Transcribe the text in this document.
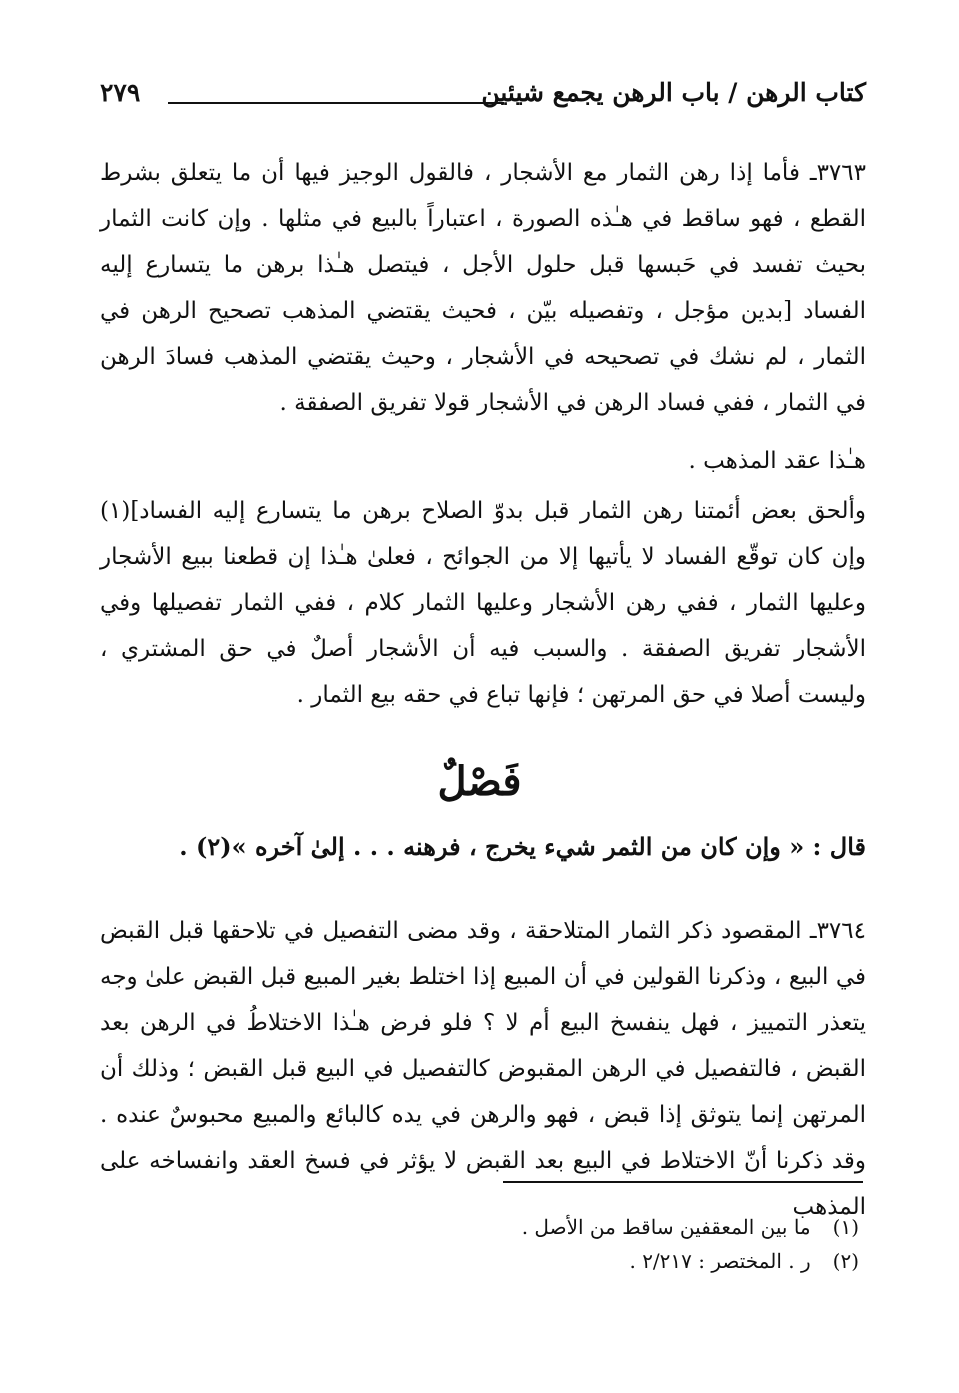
كتاب الرهن / باب الرهن يجمع شيئين
٢٧٩

٣٧٦٣ـ فأما إذا رهن الثمار مع الأشجار ، فالقول الوجيز فيها أن ما يتعلق بشرط القطع ، فهو ساقط في هـٰذه الصورة ، اعتباراً بالبيع في مثلها . وإن كانت الثمار بحيث تفسد في حَبسها قبل حلول الأجل ، فيتصل هـٰذا برهن ما يتسارع إليه الفساد [بدين مؤجل ، وتفصيله بيّن ، فحيث يقتضي المذهب تصحيح الرهن في الثمار ، لم نشك في تصحيحه في الأشجار ، وحيث يقتضي المذهب فسادَ الرهن في الثمار ، ففي فساد الرهن في الأشجار قولا تفريق الصفقة .

هـٰذا عقد المذهب .

وألحق بعض أئمتنا رهن الثمار قبل بدوّ الصلاح برهن ما يتسارع إليه الفساد](١) وإن كان توقّع الفساد لا يأتيها إلا من الجوائح ، فعلىٰ هـٰذا إن قطعنا ببيع الأشجار وعليها الثمار ، ففي رهن الأشجار وعليها الثمار كلام ، ففي الثمار تفصيلها وفي الأشجار تفريق الصفقة . والسبب فيه أن الأشجار أصلٌ في حق المشتري ، وليست أصلا في حق المرتهن ؛ فإنها تباع في حقه بيع الثمار .

فَصْلٌ
قال : « وإن كان من الثمر شيء يخرج ، فرهنه . . . إلىٰ آخره »(٢) .

٣٧٦٤ـ المقصود ذكر الثمار المتلاحقة ، وقد مضى التفصيل في تلاحقها قبل القبض في البيع ، وذكرنا القولين في أن المبيع إذا اختلط بغير المبيع قبل القبض علىٰ وجه يتعذر التمييز ، فهل ينفسخ البيع أم لا ؟ فلو فرض هـٰذا الاختلاطُ في الرهن بعد القبض ، فالتفصيل في الرهن المقبوض كالتفصيل في البيع قبل القبض ؛ وذلك أن المرتهن إنما يتوثق إذا قبض ، فهو والرهن في يده كالبائع والمبيع محبوسٌ عنده . وقد ذكرنا أنّ الاختلاط في البيع بعد القبض لا يؤثر في فسخ العقد وانفساخه على المذهب

(١) ما بين المعقفين ساقط من الأصل .
(٢) ر . المختصر : ٢/٢١٧ .
